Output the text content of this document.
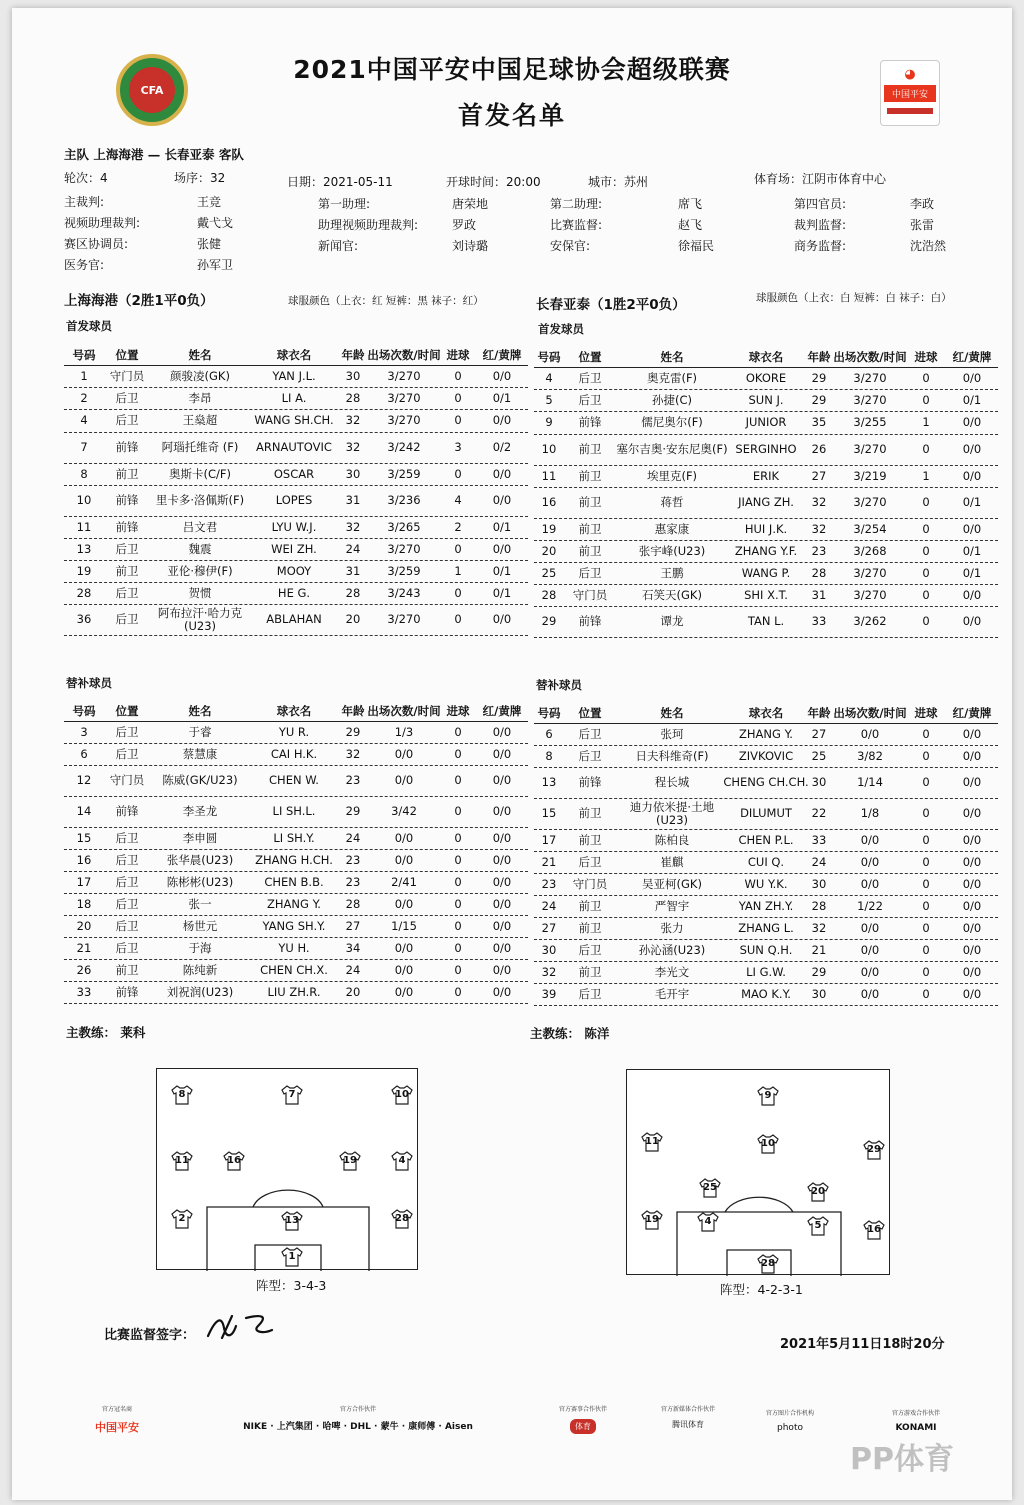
CFA
◕
中国平安
2021中国平安中国足球协会超级联赛
首发名单
主队 上海海港 — 长春亚泰 客队
轮次：4	场序：32	日期：2021-05-11	开球时间：20:00	城市：苏州	体育场：江阴市体育中心
主裁判:	王竞	第一助理:	唐荣地	第二助理:	席飞	第四官员:	李政
视频助理裁判:	戴弋戈	助理视频助理裁判:	罗政	比赛监督:	赵飞	裁判监督:	张雷
赛区协调员:	张健	新闻官:	刘诗璐	安保官:	徐福民	商务监督:	沈浩然
医务官:	孙军卫
上海海港（2胜1平0负）	球服颜色（上衣：红 短裤：黑 袜子：红）	长春亚泰（1胜2平0负）	球服颜色（上衣：白 短裤：白 袜子：白）
首发球员	首发球员
替补球员	替补球员
号码	位置	姓名	球衣名	年龄 出场次数/时间 进球	红/黄牌
1	守门员	颜骏凌(GK)	YAN J.L.	30	3/270	0	0/0
2	后卫	李昂	LI A.	28	3/270	0	0/1
4	后卫	王燊超	WANG SH.CH.	32	3/270	0	0/0
7	前锋	阿瑙托维奇 (F)	ARNAUTOVIC	32	3/242	3	0/2
8	前卫	奥斯卡(C/F)	OSCAR	30	3/259	0	0/0
10	前锋	里卡多·洛佩斯(F)	LOPES	31	3/236	4	0/0
11	前锋	吕文君	LYU W.J.	32	3/265	2	0/1
13	后卫	魏震	WEI ZH.	24	3/270	0	0/0
19	前卫	亚伦·穆伊(F)	MOOY	31	3/259	1	0/1
28	后卫	贺惯	HE G.	28	3/243	0	0/1
36	后卫	阿布拉汗·哈力克(U23)	ABLAHAN	20	3/270	0	0/0
号码	位置	姓名	球衣名	年龄 出场次数/时间 进球	红/黄牌
4	后卫	奥克雷(F)	OKORE	29	3/270	0	0/0
5	后卫	孙捷(C)	SUN J.	29	3/270	0	0/1
9	前锋	儒尼奥尔(F)	JUNIOR	35	3/255	1	0/0
10	前卫	塞尔吉奥·安东尼奥(F) SERGINHO	26	3/270	0	0/0
11	前卫	埃里克(F)	ERIK	27	3/219	1	0/0
16	前卫	蒋哲	JIANG ZH.	32	3/270	0	0/1
19	前卫	惠家康	HUI J.K.	32	3/254	0	0/0
20	前卫	张宇峰(U23)	ZHANG Y.F.	23	3/268	0	0/1
25	后卫	王鹏	WANG P.	28	3/270	0	0/1
28	守门员	石笑天(GK)	SHI X.T.	31	3/270	0	0/0
29	前锋	谭龙	TAN L.	33	3/262	0	0/0
号码	位置	姓名	球衣名	年龄 出场次数/时间 进球	红/黄牌
3	后卫	于睿	YU R.	29	1/3	0	0/0
6	后卫	蔡慧康	CAI H.K.	32	0/0	0	0/0
12	守门员	陈威(GK/U23)	CHEN W.	23	0/0	0	0/0
14	前锋	李圣龙	LI SH.L.	29	3/42	0	0/0
15	后卫	李申圆	LI SH.Y.	24	0/0	0	0/0
16	后卫	张华晨(U23)	ZHANG H.CH.	23	0/0	0	0/0
17	后卫	陈彬彬(U23)	CHEN B.B.	23	2/41	0	0/0
18	后卫	张一	ZHANG Y.	28	0/0	0	0/0
20	后卫	杨世元	YANG SH.Y.	27	1/15	0	0/0
21	后卫	于海	YU H.	34	0/0	0	0/0
26	前卫	陈纯新	CHEN CH.X.	24	0/0	0	0/0
33	前锋	刘祝润(U23)	LIU ZH.R.	20	0/0	0	0/0
号码	位置	姓名	球衣名	年龄 出场次数/时间 进球	红/黄牌
6	后卫	张珂	ZHANG Y.	27	0/0	0	0/0
8	后卫	日夫科维奇(F)	ZIVKOVIC	25	3/82	0	0/0
13	前锋	程长城	CHENG CH.CH. 30	1/14	0	0/0
15	前卫	迪力依米提·土地(U23)	DILUMUT	22	1/8	0	0/0
17	前卫	陈柏良	CHEN P.L.	33	0/0	0	0/0
21	后卫	崔麒	CUI Q.	24	0/0	0	0/0
23	守门员	吴亚柯(GK)	WU Y.K.	30	0/0	0	0/0
24	前卫	严智宇	YAN ZH.Y.	28	1/22	0	0/0
27	前卫	张力	ZHANG L.	32	0/0	0	0/0
30	后卫	孙沁涵(U23)	SUN Q.H.	21	0/0	0	0/0
32	前卫	李光文	LI G.W.	29	0/0	0	0/0
39	后卫	毛开宇	MAO K.Y.	30	0/0	0	0/0
主教练： 莱科	主教练： 陈洋
8	7	10
11	16	19	4
2	13	28
1
阵型：3-4-3
9
11	10
29
25	20
19	4	5	16
28
阵型：4-2-3-1
比赛监督签字：
2021年5月11日18时20分
官方冠名商
中国平安
官方合作伙伴
NIKE · 上汽集团 · 哈啤 · DHL · 蒙牛 · 康师傅 · Aisen
官方赛事合作伙伴
体育
官方新媒体合作伙伴
腾讯体育
官方图片合作机构
photo
官方游戏合作伙伴
KONAMI
PP体育
